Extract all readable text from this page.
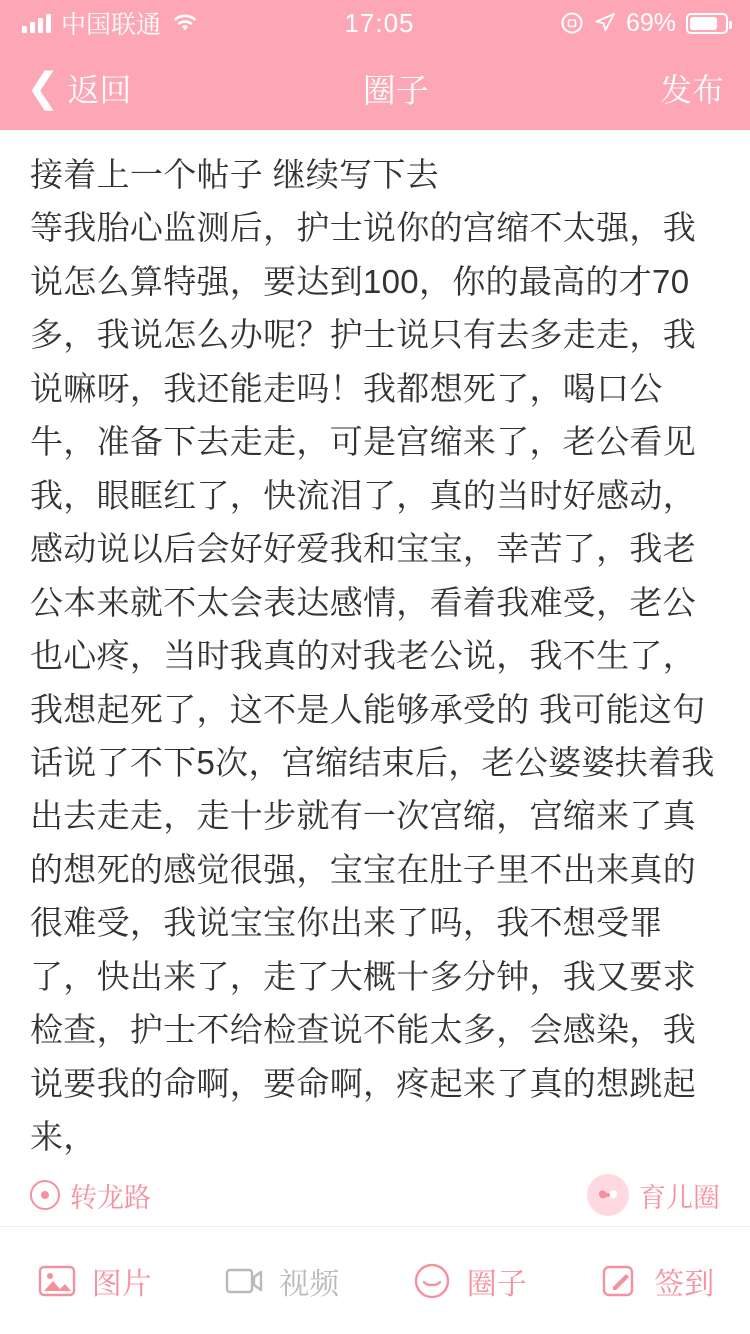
中国联通	17:05	69%
❮ 返回	圈子	发布

接着上一个帖子 继续写下去

等我胎心监测后，护士说你的宫缩不太强，我说怎么算特强，要达到100，你的最高的才70多，我说怎么办呢？护士说只有去多走走，我说嘛呀，我还能走吗！我都想死了，喝口公牛，准备下去走走，可是宫缩来了，老公看见我，眼眶红了，快流泪了，真的当时好感动，感动说以后会好好爱我和宝宝，幸苦了，我老公本来就不太会表达感情，看着我难受，老公也心疼，当时我真的对我老公说，我不生了，我想起死了，这不是人能够承受的 我可能这句话说了不下5次，宫缩结束后，老公婆婆扶着我出去走走，走十步就有一次宫缩，宫缩来了真的想死的感觉很强，宝宝在肚子里不出来真的很难受，我说宝宝你出来了吗，我不想受罪了，快出来了，走了大概十多分钟，我又要求检查，护士不给检查说不能太多，会感染，我说要我的命啊，要命啊，疼起来了真的想跳起来，

转龙路	育儿圈
图片	视频	圈子	签到
